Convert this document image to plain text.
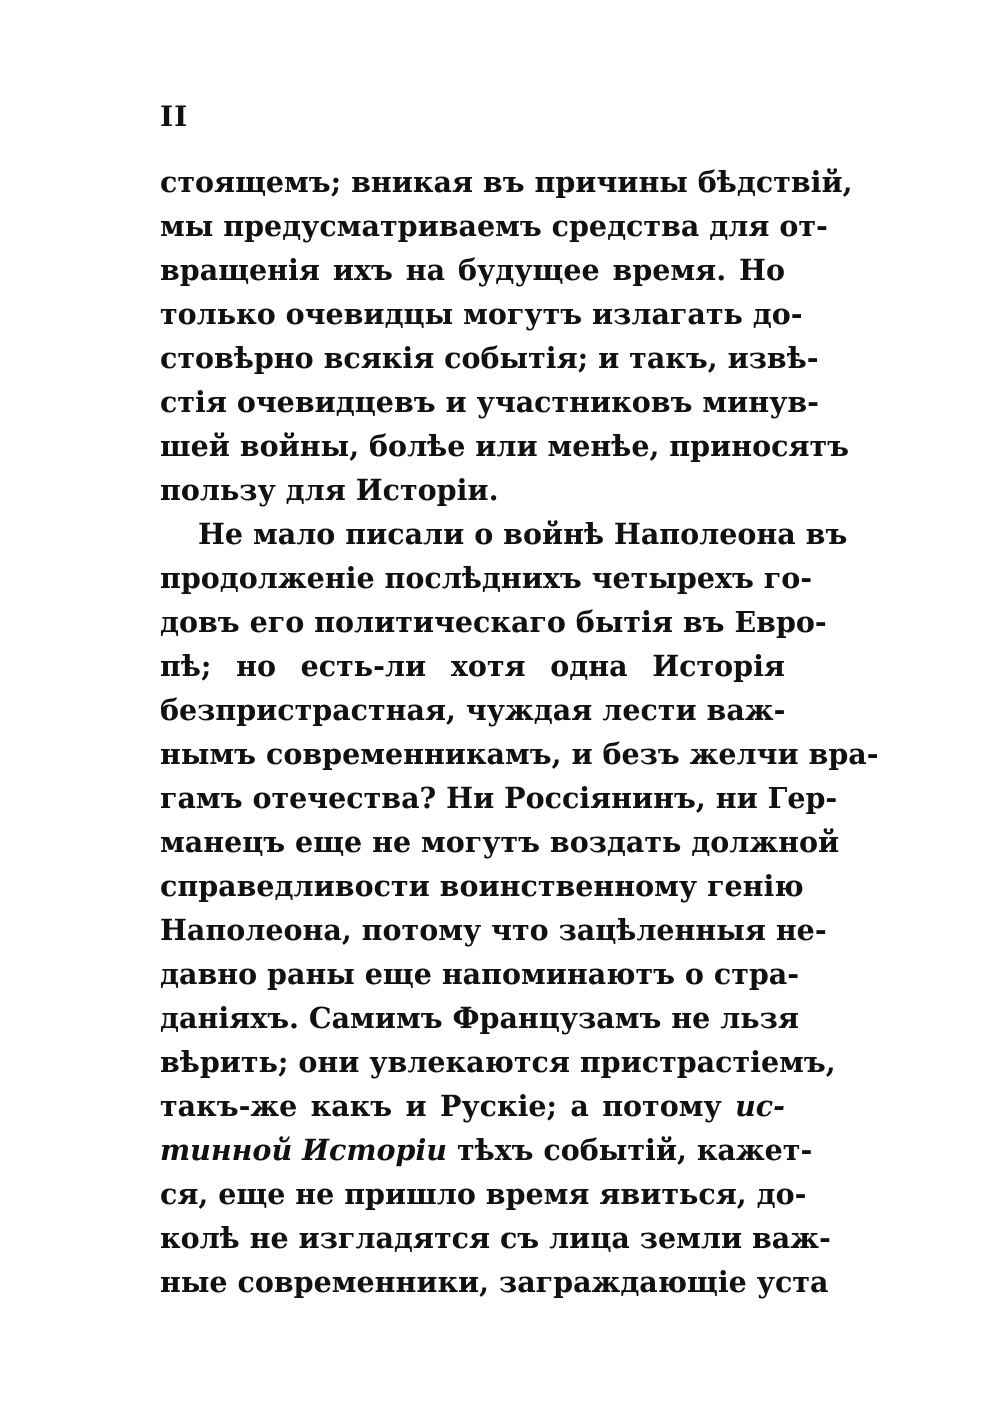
II
стоящемъ; вникая въ причины бѣдствій,
мы предусматриваемъ средства для от-
вращенія ихъ на будущее время. Но
только очевидцы могутъ излагать до-
стовѣрно всякія событія; и такъ, извѣ-
стія очевидцевъ и участниковъ минув-
шей войны, болѣе или менѣе, приносятъ
пользу для Исторіи.
Не мало писали о войнѣ Наполеона въ
продолженіе послѣднихъ четырехъ го-
довъ его политическаго бытія въ Евро-
пѣ; но есть-ли хотя одна Исторія
безпристрастная, чуждая лести важ-
нымъ современникамъ, и безъ желчи вра-
гамъ отечества? Ни Россіянинъ, ни Гер-
манецъ еще не могутъ воздать должной
справедливости воинственному генію
Наполеона, потому что зацѣленныя не-
давно раны еще напоминаютъ о стра-
даніяхъ. Самимъ Французамъ не льзя
вѣрить; они увлекаются пристрастіемъ,
такъ-же какъ и Рускіе; а потому ис-
тинной Исторіи тѣхъ событій, кажет-
ся, еще не пришло время явиться, до-
колѣ не изгладятся съ лица земли важ-
ные современники, заграждающіе уста
